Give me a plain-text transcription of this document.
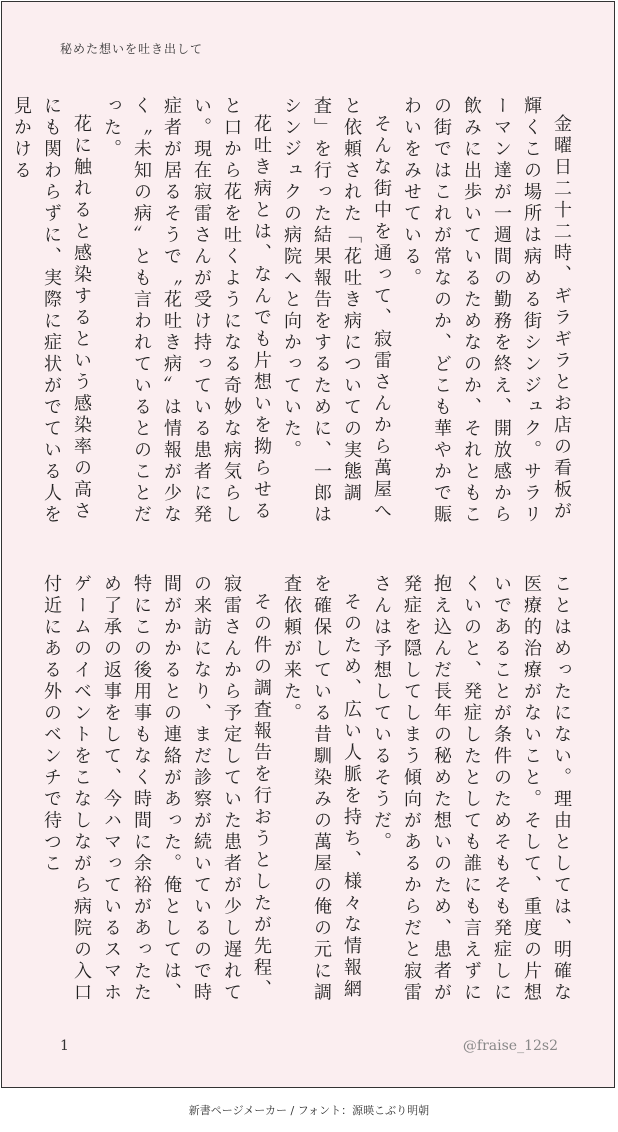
秘めた想いを吐き出して

金曜日二十二時、ギラギラとお店の看板が輝くこの場所は病める街シンジュク。サラリーマン達が一週間の勤務を終え、開放感から飲みに出歩いているためなのか、それともこの街ではこれが常なのか、どこも華やかで賑わいをみせている。

そんな街中を通って、寂雷さんから萬屋へと依頼された「花吐き病についての実態調査」を行った結果報告をするために、一郎はシンジュクの病院へと向かっていた。

花吐き病とは、なんでも片想いを拗らせると口から花を吐くようになる奇妙な病気らしい。現在寂雷さんが受け持っている患者に発症者が居るそうで〝花吐き病〟は情報が少なく〝未知の病〟とも言われているとのことだった。

花に触れると感染するという感染率の高さにも関わらずに、実際に症状がでている人を見かける

ことはめったにない。理由としては、明確な医療的治療がないこと。そして、重度の片想いであることが条件のためそもそも発症しにくいのと、発症したとしても誰にも言えずに抱え込んだ長年の秘めた想いのため、患者が発症を隠してしまう傾向があるからだと寂雷さんは予想しているそうだ。

そのため、広い人脈を持ち、様々な情報網を確保している昔馴染みの萬屋の俺の元に調査依頼が来た。

その件の調査報告を行おうとしたが先程、寂雷さんから予定していた患者が少し遅れての来訪になり、まだ診察が続いているので時間がかかるとの連絡があった。俺としては、特にこの後用事もなく時間に余裕があったため了承の返事をして、今ハマっているスマホゲームのイベントをこなしながら病院の入口付近にある外のベンチで待つこ

1	@fraise_12s2
新書ページメーカー / フォント：源暎こぶり明朝
